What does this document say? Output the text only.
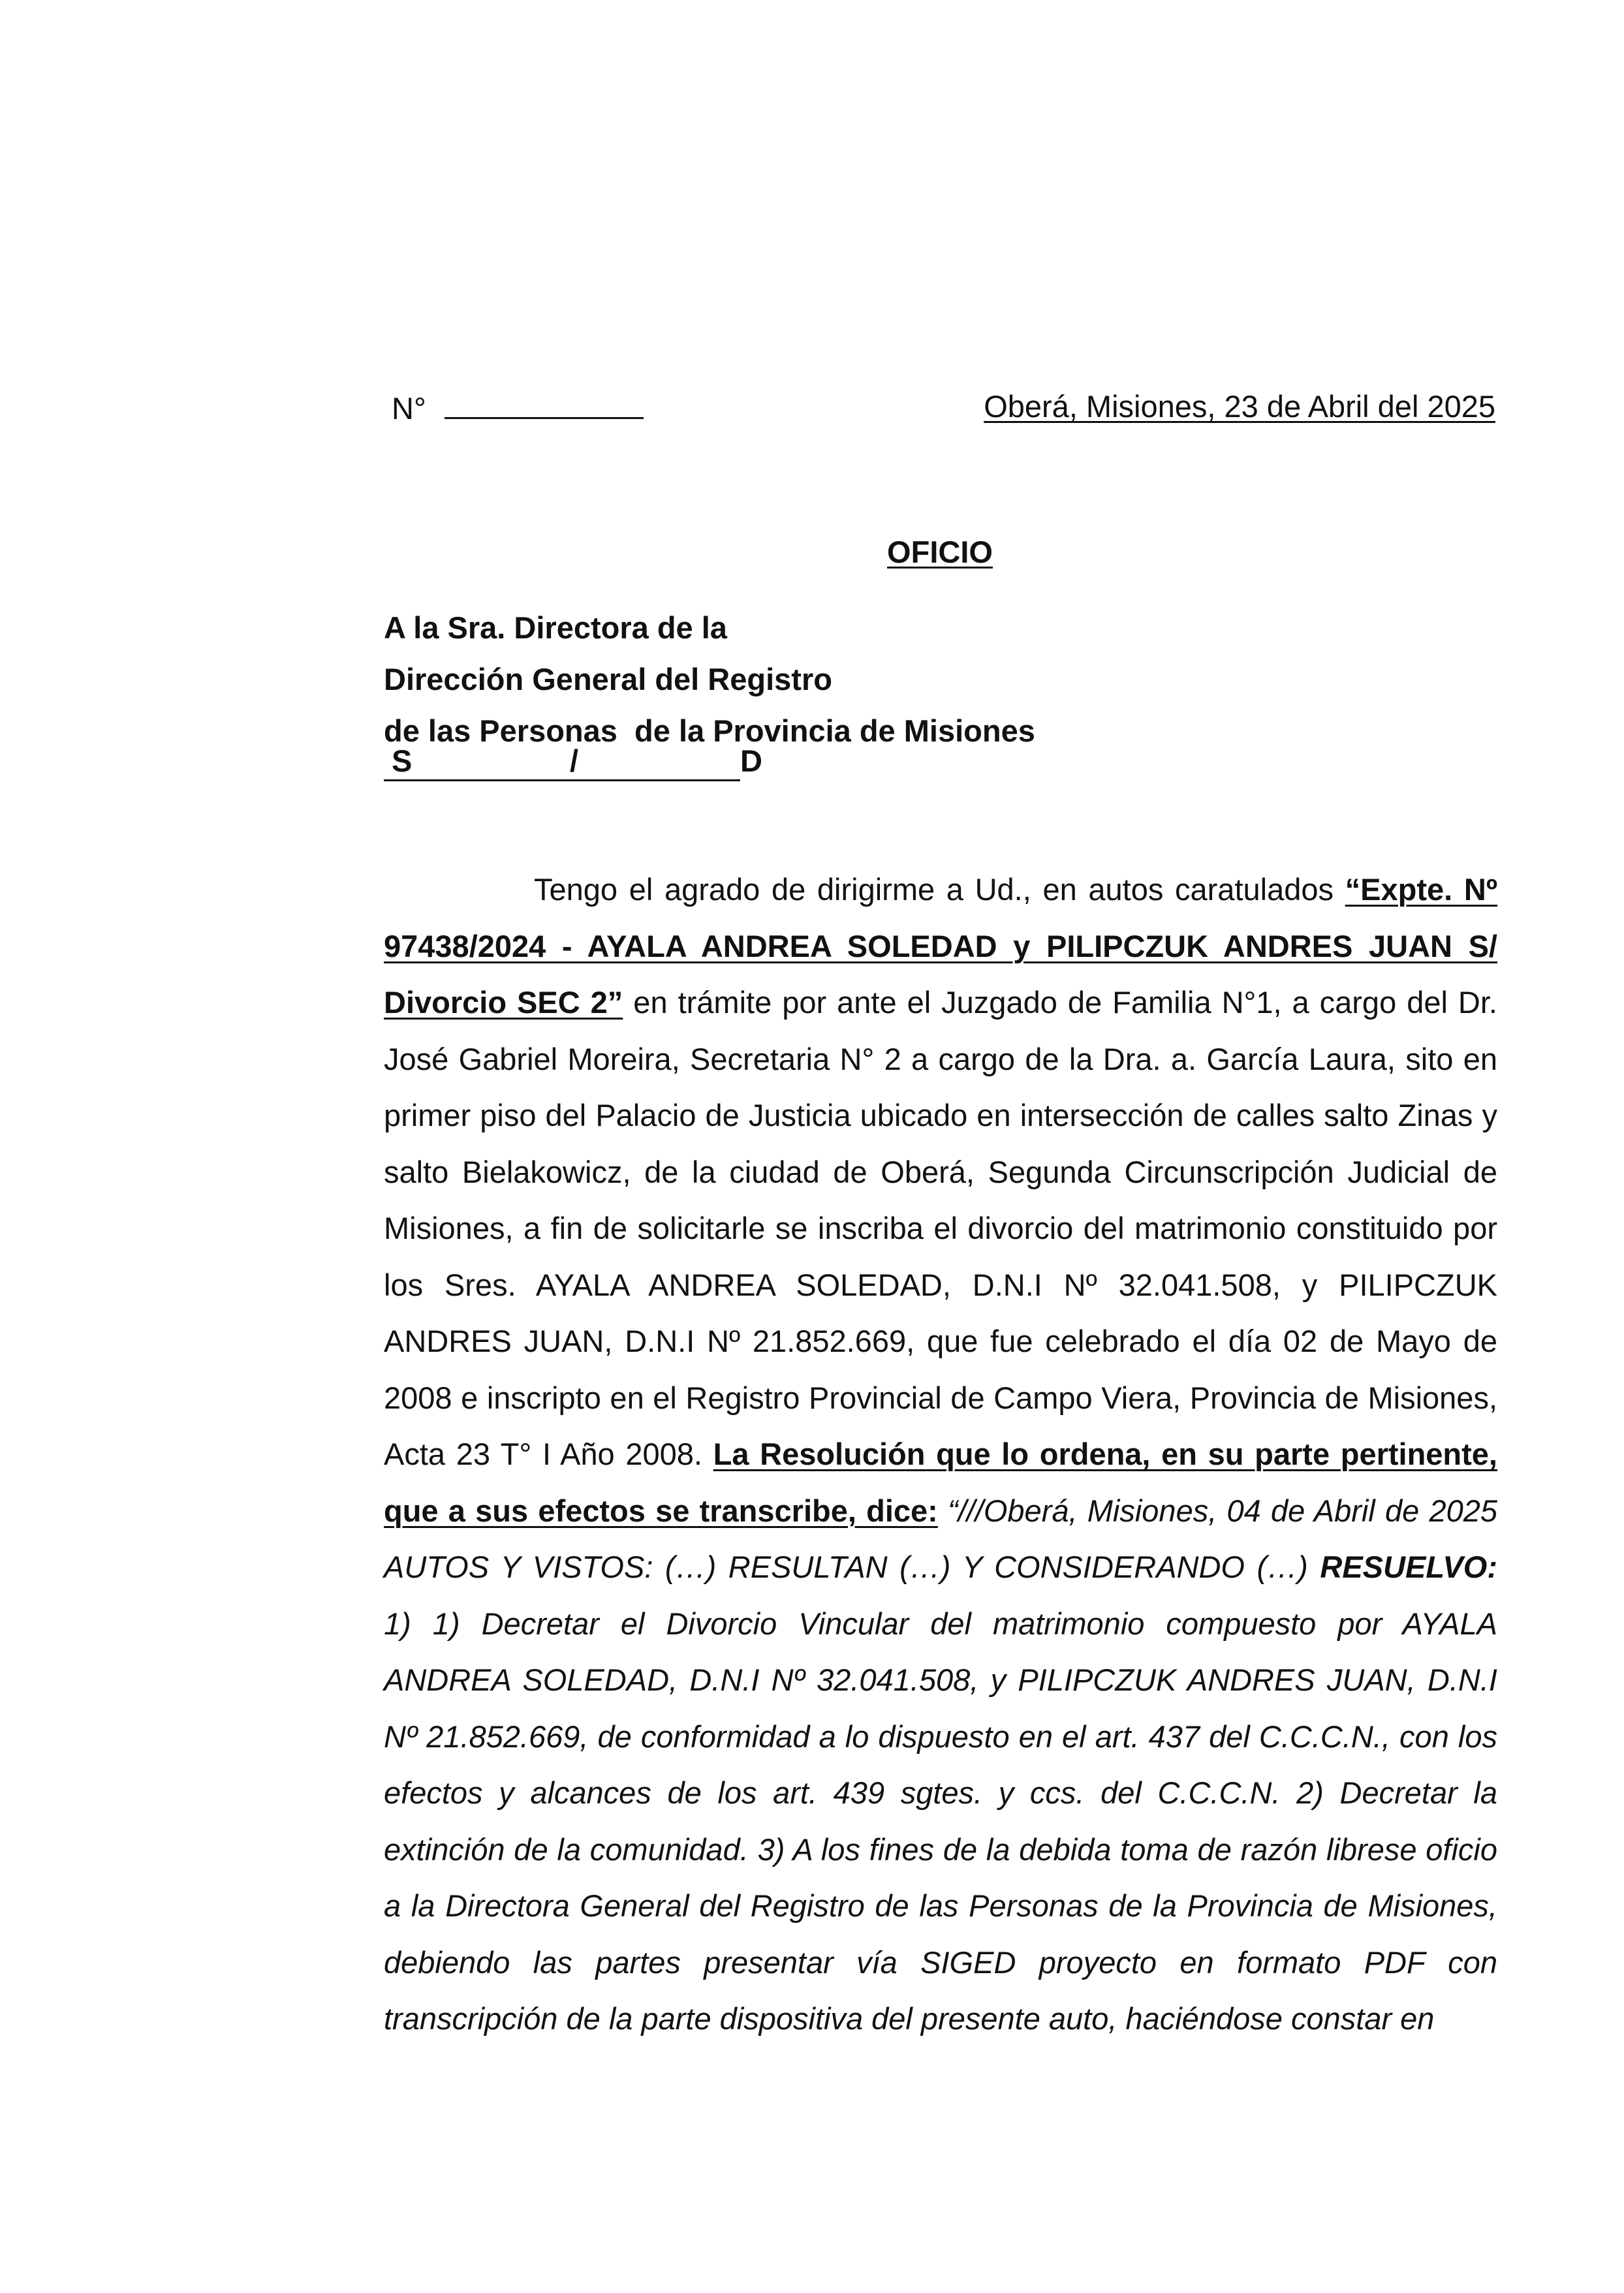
N°	Oberá, Misiones, 23 de Abril del 2025
OFICIO
A la Sra. Directora de la
Dirección General del Registro
de las Personas  de la Provincia de Misiones
S	/	D

Tengo el agrado de dirigirme a Ud., en autos caratulados “Expte. Nº 97438/2024 - AYALA ANDREA SOLEDAD y PILIPCZUK ANDRES JUAN S/ Divorcio SEC 2” en trámite por ante el Juzgado de Familia N°1, a cargo del Dr. José Gabriel Moreira, Secretaria N° 2 a cargo de la Dra. a. García Laura, sito en primer piso del Palacio de Justicia ubicado en intersección de calles salto Zinas y salto Bielakowicz, de la ciudad de Oberá, Segunda Circunscripción Judicial de Misiones, a fin de solicitarle se inscriba el divorcio del matrimonio constituido por los Sres. AYALA ANDREA SOLEDAD, D.N.I Nº 32.041.508, y PILIPCZUK ANDRES JUAN, D.N.I Nº 21.852.669, que fue celebrado el día 02 de Mayo de 2008 e inscripto en el Registro Provincial de Campo Viera, Provincia de Misiones, Acta 23 T° I Año 2008. La Resolución que lo ordena, en su parte pertinente, que a sus efectos se transcribe, dice: “///Oberá, Misiones, 04 de Abril de 2025 AUTOS Y VISTOS: (…) RESULTAN (…) Y CONSIDERANDO (…) RESUELVO: 1) 1) Decretar el Divorcio Vincular del matrimonio compuesto por AYALA ANDREA SOLEDAD, D.N.I Nº 32.041.508, y PILIPCZUK ANDRES JUAN, D.N.I Nº 21.852.669, de conformidad a lo dispuesto en el art. 437 del C.C.C.N., con los efectos y alcances de los art. 439 sgtes. y ccs. del C.C.C.N. 2) Decretar la extinción de la comunidad. 3) A los fines de la debida toma de razón librese oficio a la Directora General del Registro de las Personas de la Provincia de Misiones, debiendo las partes presentar vía SIGED proyecto en formato PDF con transcripción de la parte dispositiva del presente auto, haciéndose constar en
